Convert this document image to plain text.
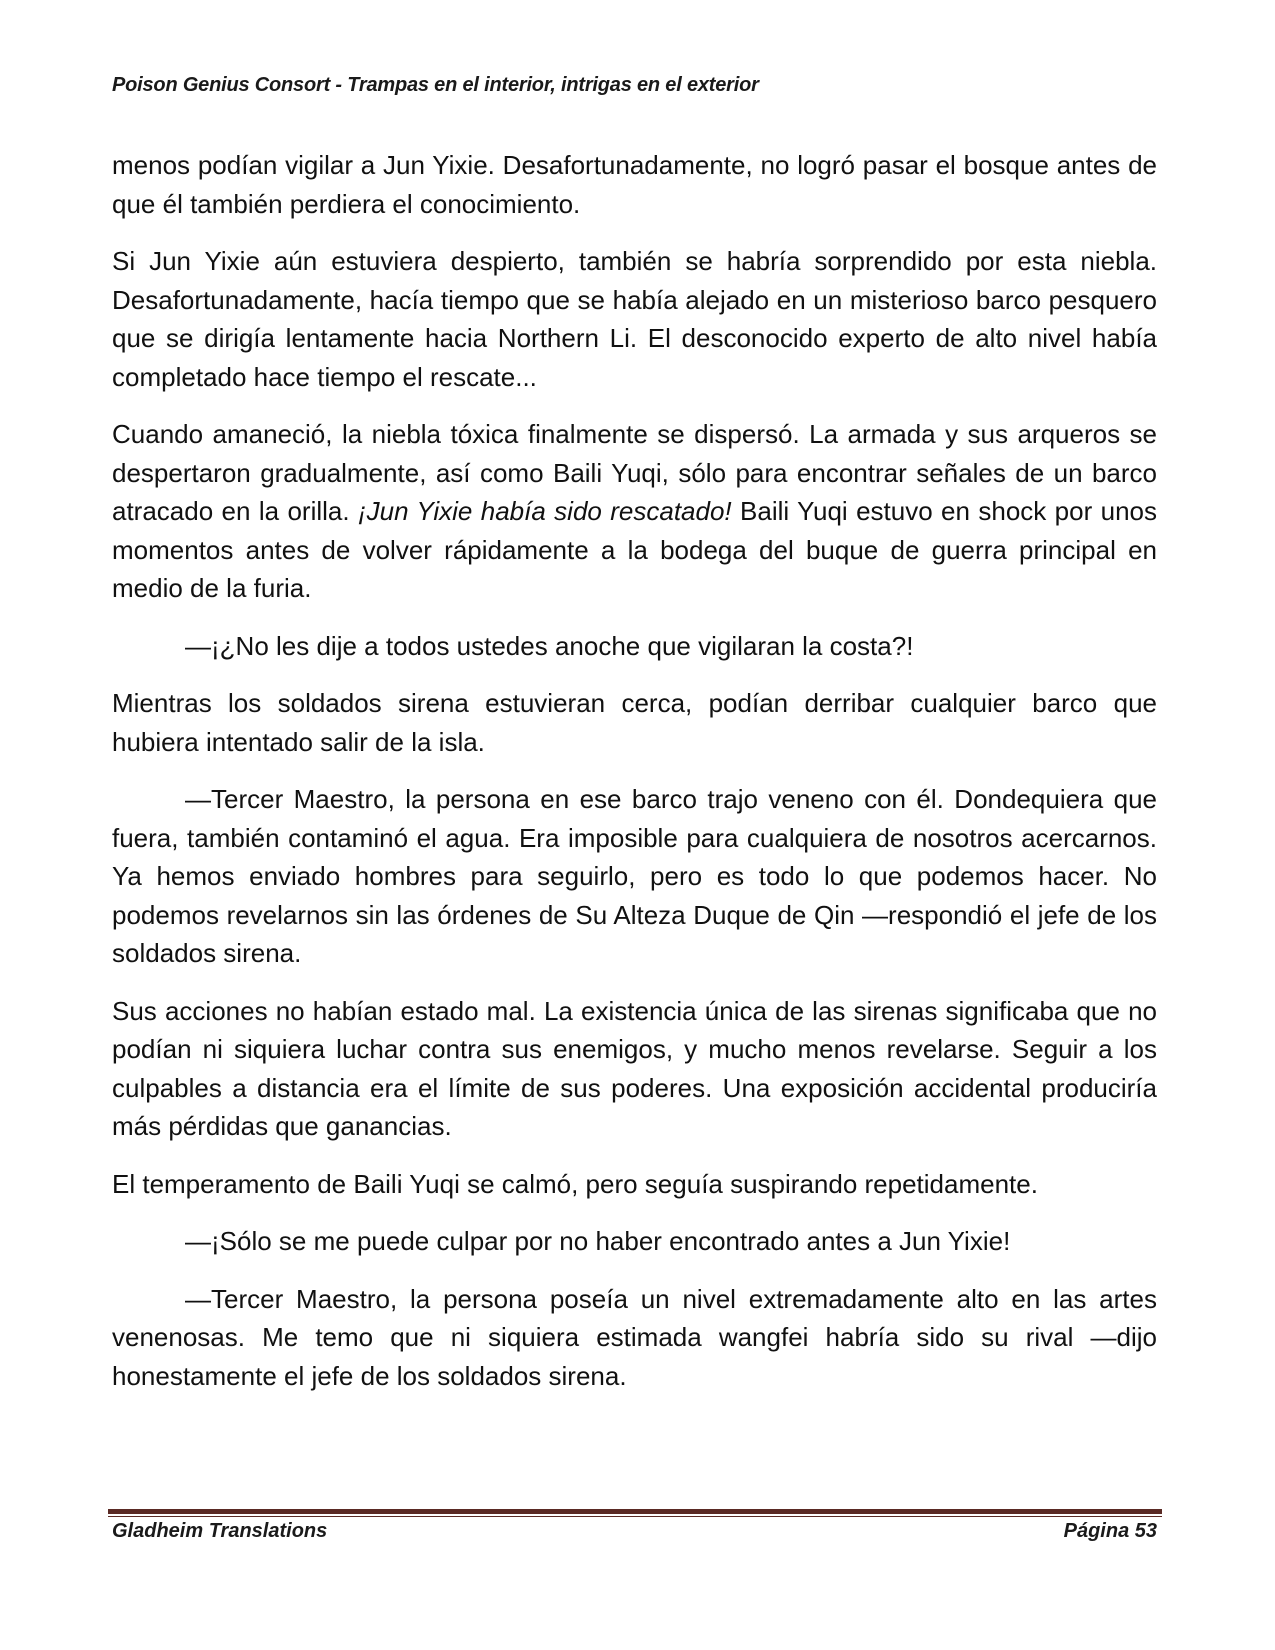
Poison Genius Consort - Trampas en el interior, intrigas en el exterior

menos podían vigilar a Jun Yixie. Desafortunadamente, no logró pasar el bosque antes de que él también perdiera el conocimiento.

Si Jun Yixie aún estuviera despierto, también se habría sorprendido por esta niebla. Desafortunadamente, hacía tiempo que se había alejado en un misterioso barco pesquero que se dirigía lentamente hacia Northern Li. El desconocido experto de alto nivel había completado hace tiempo el rescate...

Cuando amaneció, la niebla tóxica finalmente se dispersó. La armada y sus arqueros se despertaron gradualmente, así como Baili Yuqi, sólo para encontrar señales de un barco atracado en la orilla. ¡Jun Yixie había sido rescatado! Baili Yuqi estuvo en shock por unos momentos antes de volver rápidamente a la bodega del buque de guerra principal en medio de la furia.

—¡¿No les dije a todos ustedes anoche que vigilaran la costa?!

Mientras los soldados sirena estuvieran cerca, podían derribar cualquier barco que hubiera intentado salir de la isla.

—Tercer Maestro, la persona en ese barco trajo veneno con él. Dondequiera que fuera, también contaminó el agua. Era imposible para cualquiera de nosotros acercarnos. Ya hemos enviado hombres para seguirlo, pero es todo lo que podemos hacer. No podemos revelarnos sin las órdenes de Su Alteza Duque de Qin —respondió el jefe de los soldados sirena.

Sus acciones no habían estado mal. La existencia única de las sirenas significaba que no podían ni siquiera luchar contra sus enemigos, y mucho menos revelarse. Seguir a los culpables a distancia era el límite de sus poderes. Una exposición accidental produciría más pérdidas que ganancias.

El temperamento de Baili Yuqi se calmó, pero seguía suspirando repetidamente.

—¡Sólo se me puede culpar por no haber encontrado antes a Jun Yixie!

—Tercer Maestro, la persona poseía un nivel extremadamente alto en las artes venenosas. Me temo que ni siquiera estimada wangfei habría sido su rival —dijo honestamente el jefe de los soldados sirena.

Gladheim Translations	Página 53
